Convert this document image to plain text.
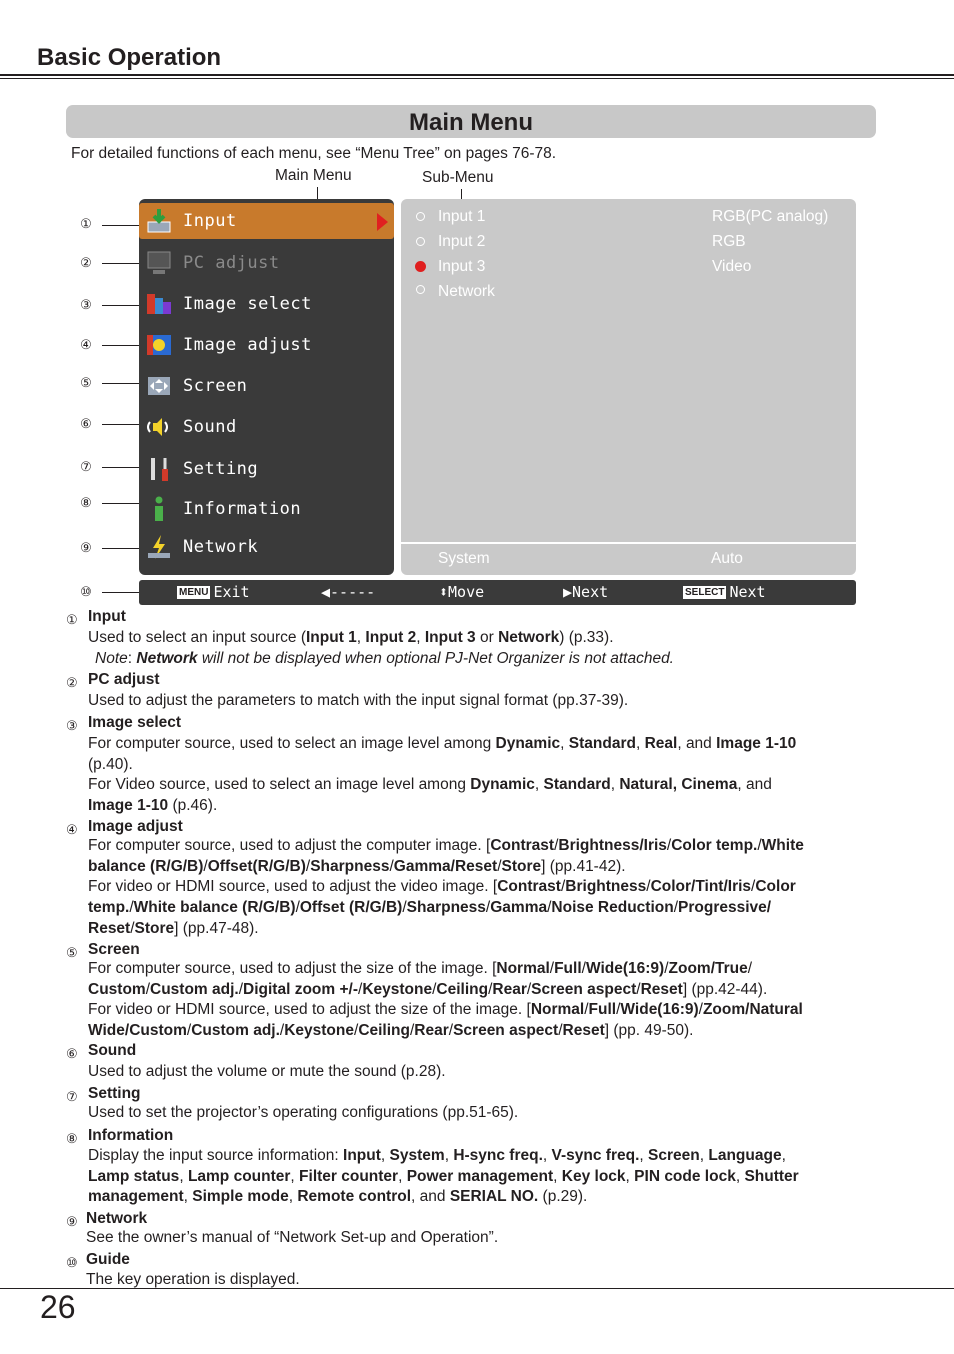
Basic Operation
Main Menu
For detailed functions of each menu, see “Menu Tree” on pages 76-78.
Main Menu	Sub-Menu
①
②
③
④
⑤
⑥
⑦
⑧
⑨
⑩
Input
PC adjust
Image select
Image adjust
Screen
Sound
Setting
Information
Network
Input 1	RGB(PC analog)
Input 2	RGB
Input 3	Video
Network
System	Auto
MENU Exit	◀-----	⬍Move	▶Next	SELECT Next
① Input
Used to select an input source (Input 1, Input 2, Input 3 or Network) (p.33).
Note: Network will not be displayed when optional PJ-Net Organizer is not attached.
② PC adjust
Used to adjust the parameters to match with the input signal format (pp.37-39).
③ Image select
For computer source, used to select an image level among Dynamic, Standard, Real, and Image 1-10
(p.40).
For Video source, used to select an image level among Dynamic, Standard, Natural, Cinema, and
Image 1-10 (p.46).
④ Image adjust
For computer source, used to adjust the computer image. [Contrast/Brightness/Iris/Color temp./White
balance (R/G/B)/Offset(R/G/B)/Sharpness/Gamma/Reset/Store] (pp.41-42).
For video or HDMI source, used to adjust the video image. [Contrast/Brightness/Color/Tint/Iris/Color
temp./White balance (R/G/B)/Offset (R/G/B)/Sharpness/Gamma/Noise Reduction/Progressive/
Reset/Store] (pp.47-48).
⑤ Screen
For computer source, used to adjust the size of the image. [Normal/Full/Wide(16:9)/Zoom/True/
Custom/Custom adj./Digital zoom +/-/Keystone/Ceiling/Rear/Screen aspect/Reset] (pp.42-44).
For video or HDMI source, used to adjust the size of the image. [Normal/Full/Wide(16:9)/Zoom/Natural
Wide/Custom/Custom adj./Keystone/Ceiling/Rear/Screen aspect/Reset] (pp. 49-50).
⑥ Sound
Used to adjust the volume or mute the sound (p.28).
⑦ Setting
Used to set the projector’s operating configurations (pp.51-65).
⑧ Information
Display the input source information: Input, System, H-sync freq., V-sync freq., Screen, Language,
Lamp status, Lamp counter, Filter counter, Power management, Key lock, PIN code lock, Shutter
management, Simple mode, Remote control, and SERIAL NO. (p.29).
⑨ Network
See the owner’s manual of “Network Set-up and Operation”.
⑩ Guide
The key operation is displayed.
26
